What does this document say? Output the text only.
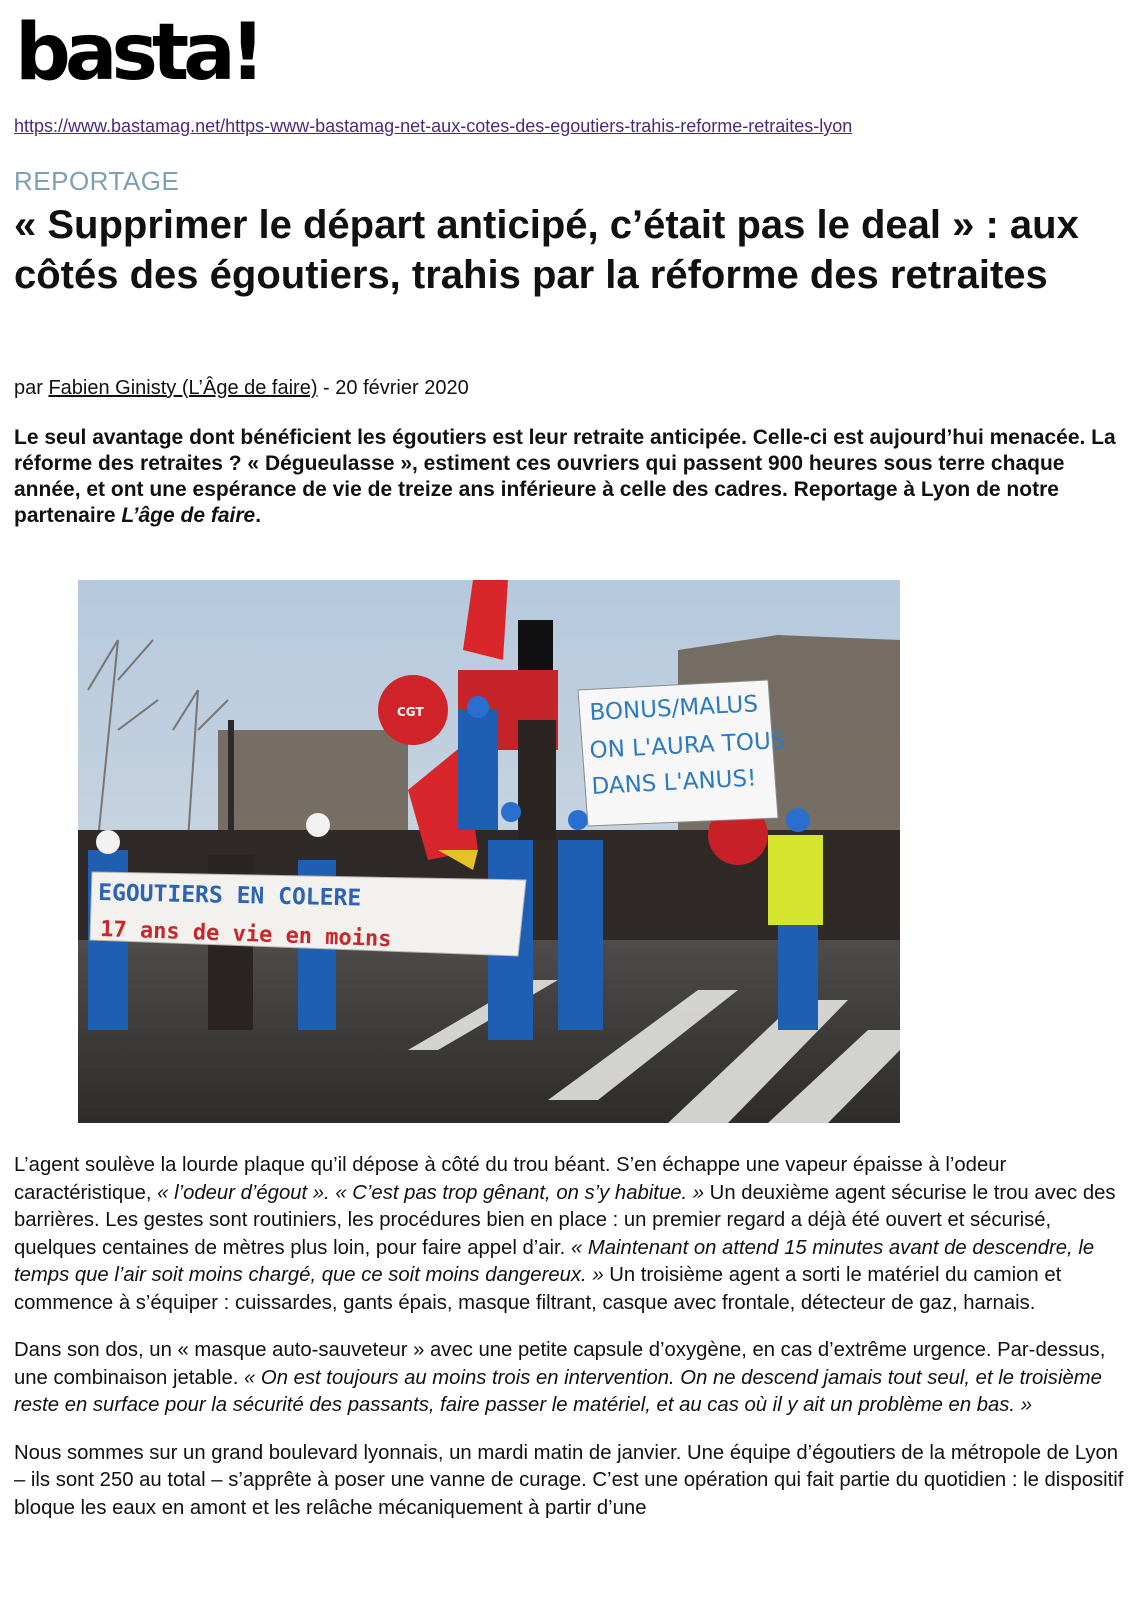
basta!
https://www.bastamag.net/https-www-bastamag-net-aux-cotes-des-egoutiers-trahis-reforme-retraites-lyon
REPORTAGE
« Supprimer le départ anticipé, c’était pas le deal » : aux côtés des égoutiers, trahis par la réforme des retraites
par Fabien Ginisty (L’Âge de faire) - 20 février 2020
Le seul avantage dont bénéficient les égoutiers est leur retraite anticipée. Celle-ci est aujourd’hui menacée. La réforme des retraites ? « Dégueulasse », estiment ces ouvriers qui passent 900 heures sous terre chaque année, et ont une espérance de vie de treize ans inférieure à celle des cadres. Reportage à Lyon de notre partenaire L’âge de faire.
EGOUTIERS EN COLERE
17 ans de vie en moins
BONUS/MALUS
ON L'AURA TOUS
DANS L'ANUS!
CGT

L’agent soulève la lourde plaque qu’il dépose à côté du trou béant. S’en échappe une vapeur épaisse à l’odeur caractéristique, « l’odeur d’égout ». « C’est pas trop gênant, on s’y habitue. » Un deuxième agent sécurise le trou avec des barrières. Les gestes sont routiniers, les procédures bien en place : un premier regard a déjà été ouvert et sécurisé, quelques centaines de mètres plus loin, pour faire appel d’air. « Maintenant on attend 15 minutes avant de descendre, le temps que l’air soit moins chargé, que ce soit moins dangereux. » Un troisième agent a sorti le matériel du camion et commence à s’équiper : cuissardes, gants épais, masque filtrant, casque avec frontale, détecteur de gaz, harnais.

Dans son dos, un « masque auto-sauveteur » avec une petite capsule d’oxygène, en cas d’extrême urgence. Par-dessus, une combinaison jetable. « On est toujours au moins trois en intervention. On ne descend jamais tout seul, et le troisième reste en surface pour la sécurité des passants, faire passer le matériel, et au cas où il y ait un problème en bas. »

Nous sommes sur un grand boulevard lyonnais, un mardi matin de janvier. Une équipe d’égoutiers de la métropole de Lyon – ils sont 250 au total – s’apprête à poser une vanne de curage. C’est une opération qui fait partie du quotidien : le dispositif bloque les eaux en amont et les relâche mécaniquement à partir d’une
